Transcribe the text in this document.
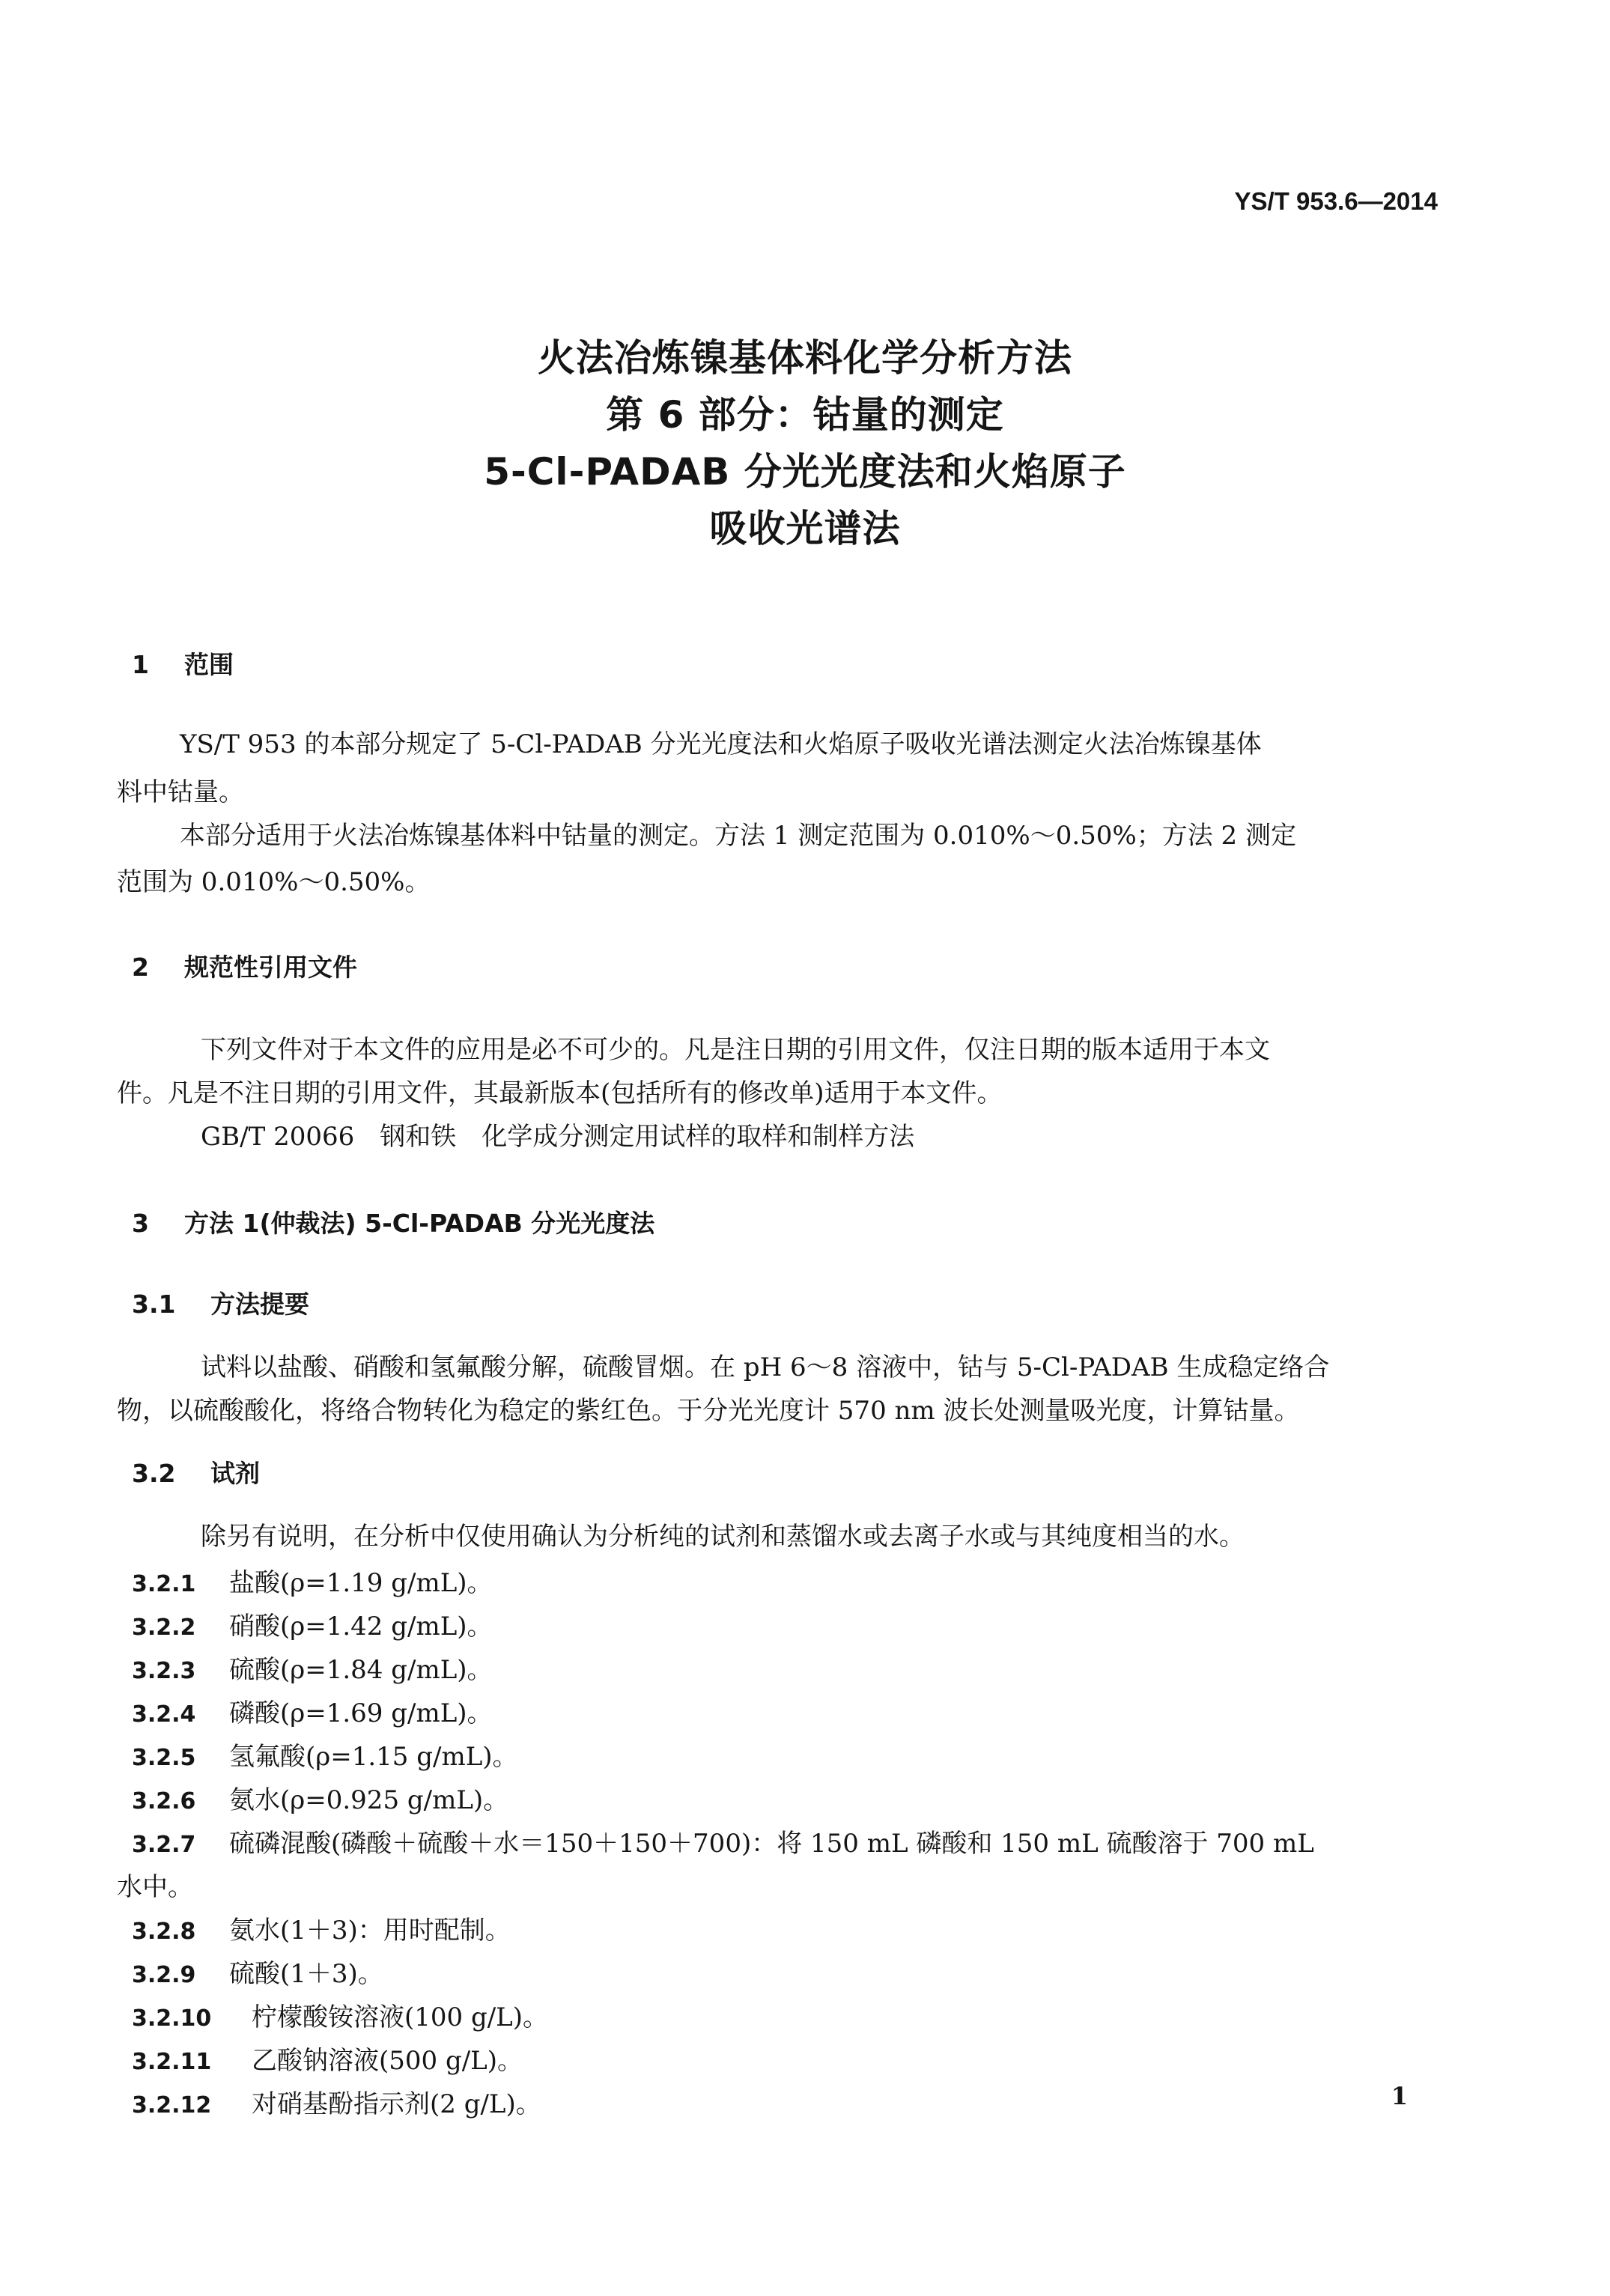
YS/T 953.6—2014
火法冶炼镍基体料化学分析方法
第 6 部分：钴量的测定
5-Cl-PADAB 分光光度法和火焰原子
吸收光谱法
1 范围
YS/T 953 的本部分规定了 5-Cl-PADAB 分光光度法和火焰原子吸收光谱法测定火法冶炼镍基体
料中钴量。
本部分适用于火法冶炼镍基体料中钴量的测定。方法 1 测定范围为 0.010%～0.50%；方法 2 测定
范围为 0.010%～0.50%。
2 规范性引用文件
下列文件对于本文件的应用是必不可少的。凡是注日期的引用文件，仅注日期的版本适用于本文
件。凡是不注日期的引用文件，其最新版本(包括所有的修改单)适用于本文件。
GB/T 20066　钢和铁　化学成分测定用试样的取样和制样方法
3 方法 1(仲裁法) 5-Cl-PADAB 分光光度法
3.1 方法提要
试料以盐酸、硝酸和氢氟酸分解，硫酸冒烟。在 pH 6～8 溶液中，钴与 5-Cl-PADAB 生成稳定络合
物，以硫酸酸化，将络合物转化为稳定的紫红色。于分光光度计 570 nm 波长处测量吸光度，计算钴量。
3.2 试剂
除另有说明，在分析中仅使用确认为分析纯的试剂和蒸馏水或去离子水或与其纯度相当的水。
3.2.1 盐酸(ρ=1.19 g/mL)。
3.2.2 硝酸(ρ=1.42 g/mL)。
3.2.3 硫酸(ρ=1.84 g/mL)。
3.2.4 磷酸(ρ=1.69 g/mL)。
3.2.5 氢氟酸(ρ=1.15 g/mL)。
3.2.6 氨水(ρ=0.925 g/mL)。
3.2.7 硫磷混酸(磷酸＋硫酸＋水＝150＋150＋700)：将 150 mL 磷酸和 150 mL 硫酸溶于 700 mL
水中。
3.2.8 氨水(1＋3)：用时配制。
3.2.9 硫酸(1＋3)。
3.2.10 柠檬酸铵溶液(100 g/L)。
3.2.11 乙酸钠溶液(500 g/L)。
3.2.12 对硝基酚指示剂(2 g/L)。	1
